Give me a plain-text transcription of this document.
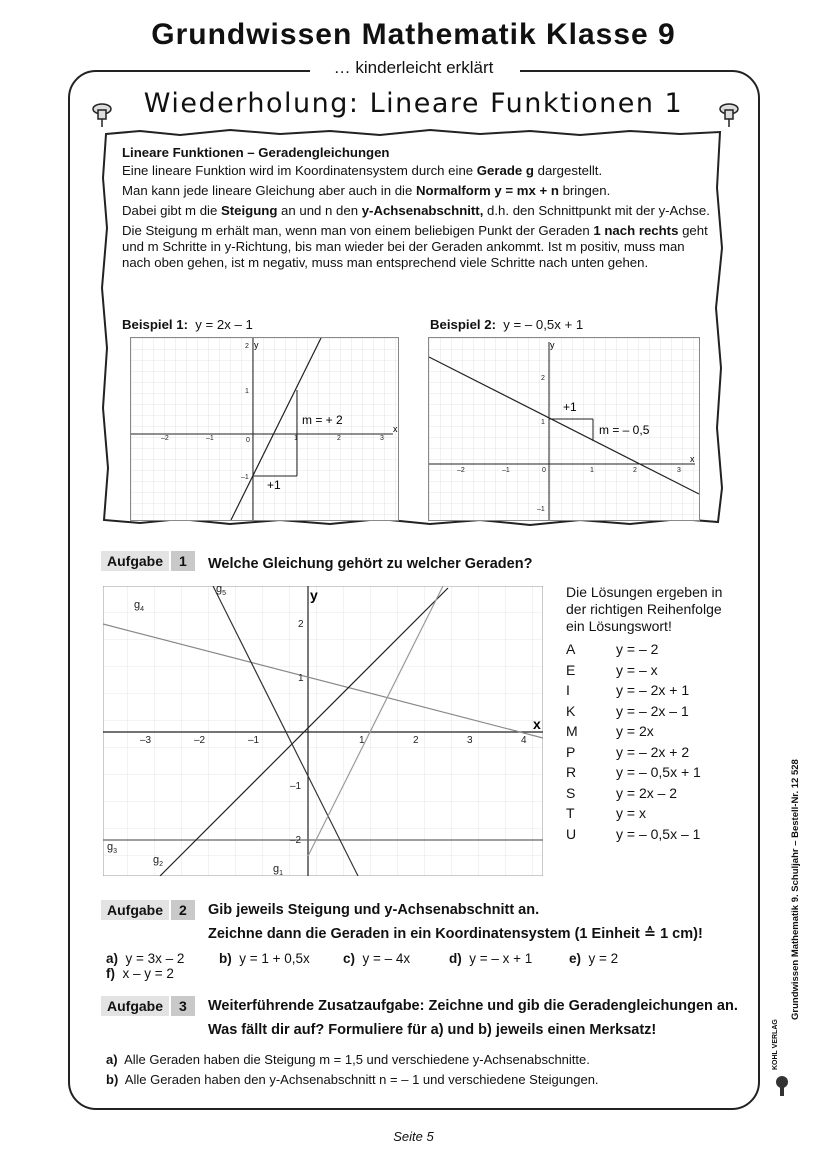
Grundwissen Mathematik Klasse 9
… kinderleicht erklärt
Wiederholung: Lineare Funktionen 1

Lineare Funktionen – Geradengleichungen

Eine lineare Funktion wird im Koordinatensystem durch eine Gerade g dargestellt.

Man kann jede lineare Gleichung aber auch in die Normalform y = mx + n bringen.

Dabei gibt m die Steigung an und n den y-Achsenabschnitt, d.h. den Schnittpunkt mit der y-Achse.

Die Steigung m erhält man, wenn man von einem beliebigen Punkt der Geraden 1 nach rechts geht und m Schritte in y-Richtung, bis man wieder bei der Geraden ankommt. Ist m positiv, muss man nach oben gehen, ist m negativ, muss man entsprechend viele Schritte nach unten gehen.

Beispiel 1: y = 2x – 1	Beispiel 2: y = – 0,5x + 1
–2	–1	0	1	2	3
2
1
–1
x
y
m = + 2
+1
–2	–1	0	1	2	3
2
1
–1
x
y
+1
m = – 0,5
Aufgabe 1	Welche Gleichung gehört zu welcher Geraden?
–3	–2	–1	1	2	3	4
2
1
–1
–2
x
y
$g_1$
$g_2$
$g_3$
$g_4$
$g_5$	Die Lösungen ergeben in der richtigen Reihenfolge ein Lösungswort!
A	y = – 2
E	y = – x
I	y = – 2x + 1
K	y = – 2x – 1
M	y = 2x
P	y = – 2x + 2
R	y = – 0,5x + 1
S	y = 2x – 2
T	y = x
U	y = – 0,5x – 1
Aufgabe 2	Gib jeweils Steigung und y-Achsenabschnitt an.
Zeichne dann die Geraden in ein Koordinatensystem (1 Einheit ≙ 1 cm)!
a) y = 3x – 2	b) y = 1 + 0,5x c) y = – 4x	d) y = – x + 1	e) y = 2f) x – y = 2
Aufgabe 3	Weiterführende Zusatzaufgabe: Zeichne und gib die Geradengleichungen an.
Was fällt dir auf? Formuliere für a) und b) jeweils einen Merksatz!
a) Alle Geraden haben die Steigung m = 1,5 und verschiedene y-Achsenabschnitte.
b) Alle Geraden haben den y-Achsenabschnitt n = – 1 und verschiedene Steigungen.
Grundwissen Mathematik 9. Schuljahr – Bestell-Nr. 12 528
KOHL VERLAG
Seite 5
